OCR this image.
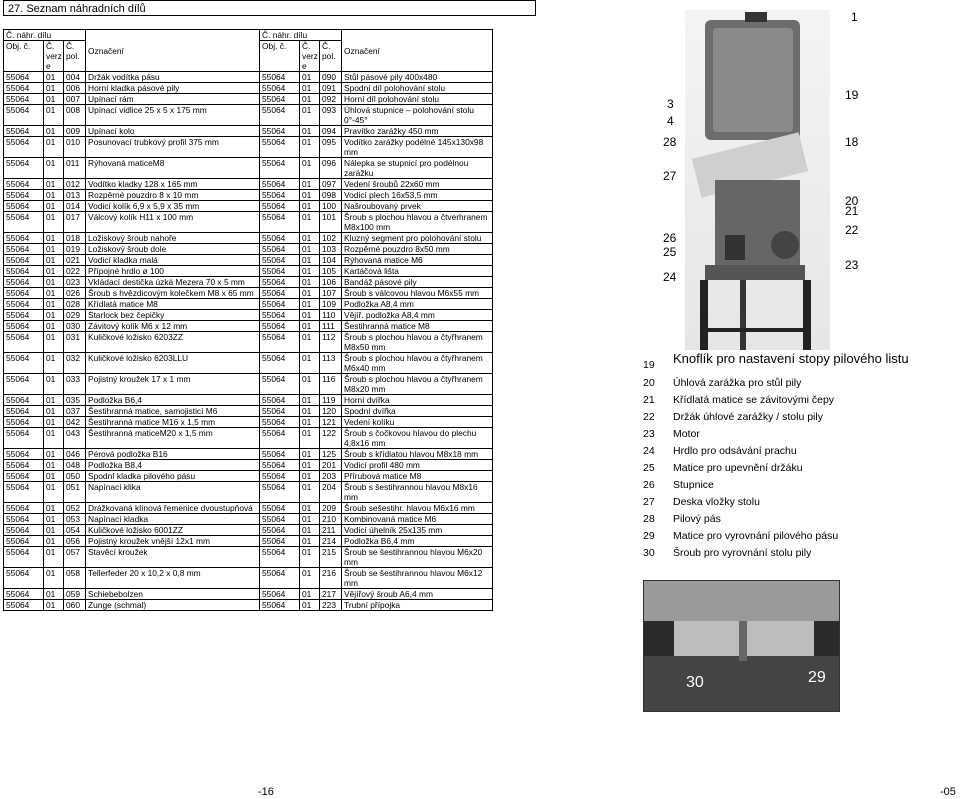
27. Seznam náhradních dílů
Č. náhr. dílu			Označení	Č. náhr. dílu			Označení
Obj. č.	Č. verz e	Č. pol.		Obj. č.	Č. verz e	Č. pol.	
55064	01	004	Držák vodítka pásu	55064	01	090	Stůl pásové pily 400x480
55064	01	006	Horní kladka pásové pily	55064	01	091	Spodní díl polohování stolu
55064	01	007	Upínací rám	55064	01	092	Horní díl polohování stolu
55064	01	008	Upínací vidlice 25 x 5 x 175 mm	55064	01	093	Úhlová stupnice – polohování stolu 0°-45°
55064	01	009	Upínací kolo	55064	01	094	Pravítko zarážky 450 mm
55064	01	010	Posunovací trubkový profil 375 mm	55064	01	095	Vodítko zarážky podélné 145x130x98 mm
55064	01	011	Rýhovaná maticeM8	55064	01	096	Nálepka se stupnicí pro podélnou zarážku
55064	01	012	Vodítko kladky 128 x 165 mm	55064	01	097	Vedení šroubů 22x60 mm
55064	01	013	Rozpěrné pouzdro 8 x 10 mm	55064	01	098	Vodicí plech 16x53,5 mm
55064	01	014	Vodicí kolík 6,9 x 5,9 x 35 mm	55064	01	100	Našroubovaný prvek
55064	01	017	Válcový kolík H11 x 100 mm	55064	01	101	Šroub s plochou hlavou a čtverhranem M8x100 mm
55064	01	018	Ložiskový šroub nahoře	55064	01	102	Kluzný segment pro polohování stolu
55064	01	019	Ložiskový šroub dole	55064	01	103	Rozpěrné pouzdro 8x50 mm
55064	01	021	Vodicí kladka malá	55064	01	104	Rýhovaná matice M6
55064	01	022	Přípojné hrdlo ø 100	55064	01	105	Kartáčová lišta
55064	01	023	Vkládací destička úzká Mezera 70 x 5 mm	55064	01	106	Bandáž pásové pily
55064	01	026	Šroub s hvězdicovým kolečkem M8 x 65 mm	55064	01	107	Šroub s válcovou hlavou M6x55 mm
55064	01	028	Křídlatá matice M8	55064	01	109	Podložka A8,4 mm
55064	01	029	Starlock bez čepičky	55064	01	110	Vějíř. podložka A8,4 mm
55064	01	030	Závitový kolík M6 x 12 mm	55064	01	111	Šestihranná matice M8
55064	01	031	Kuličkové ložisko 6203ZZ	55064	01	112	Šroub s plochou hlavou a čtyřhranem M8x50 mm
55064	01	032	Kuličkové ložisko 6203LLU	55064	01	113	Šroub s plochou hlavou a čtyřhranem M6x40 mm
55064	01	033	Pojistný kroužek 17 x 1 mm	55064	01	116	Šroub s plochou hlavou a čtyřhranem M8x20 mm
55064	01	035	Podložka B6,4	55064	01	119	Horní dvířka
55064	01	037	Šestihranná matice, samojisticí M6	55064	01	120	Spodní dvířka
55064	01	042	Šestihranná matice M16 x 1,5 mm	55064	01	121	Vedení kolíku
55064	01	043	Šestihranná maticeM20 x 1,5 mm	55064	01	122	Šroub s čočkovou hlavou do plechu 4,8x16 mm
55064	01	046	Pérová podložka B16	55064	01	125	Šroub s křídlatou hlavou M8x18 mm
55064	01	048	Podložka B8,4	55064	01	201	Vodicí profil 480 mm
55064	01	050	Spodní kladka pilového pásu	55064	01	203	Přírubová matice M8
55064	01	051	Napínací klika	55064	01	204	Šroub s šestihrannou hlavou M8x16 mm
55064	01	052	Drážkovaná klínová řemenice dvoustupňová	55064	01	209	Šroub sešestihr. hlavou M6x16 mm
55064	01	053	Napínací kladka	55064	01	210	Kombinovaná matice M6
55064	01	054	Kuličkové ložisko 6001ZZ	55064	01	211	Vodicí úhelník 25x135 mm
55064	01	056	Pojistný kroužek vnější 12x1 mm	55064	01	214	Podložka B6,4 mm
55064	01	057	Stavěcí kroužek	55064	01	215	Šroub se šestihrannou hlavou M6x20 mm
55064	01	058	Tellerfeder 20 x 10,2 x 0,8 mm	55064	01	216	Šroub se šestihrannou hlavou M6x12 mm
55064	01	059	Schiebebolzen	55064	01	217	Vějířový šroub A6,4 mm
55064	01	060	Zunge (schmal)	55064	01	223	Trubní přípojka
1
3
4
28
27
26
25
24
19
18
20
21
22
23
19	Knoflík pro nastavení stopy pilového listu
20	Úhlová zarážka pro stůl pily
21	Křídlatá matice se závitovými čepy
22	Držák úhlové zarážky / stolu pily
23	Motor
24	Hrdlo pro odsávání prachu
25	Matice pro upevnění držáku
26	Stupnice
27	Deska vložky stolu
28	Pilový pás
29	Matice pro vyrovnání pilového pásu
30	Šroub pro vyrovnání stolu pily
30	29
-16	-05
